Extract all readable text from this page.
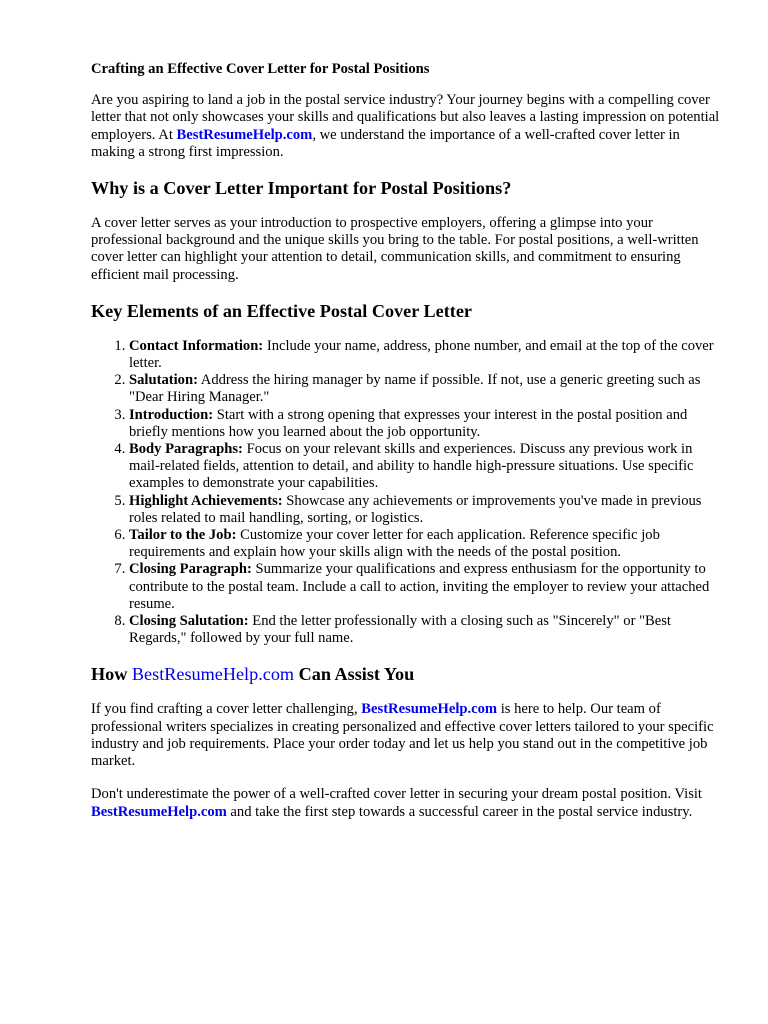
Crafting an Effective Cover Letter for Postal Positions

Are you aspiring to land a job in the postal service industry? Your journey begins with a compelling cover letter that not only showcases your skills and qualifications but also leaves a lasting impression on potential employers. At BestResumeHelp.com, we understand the importance of a well-crafted cover letter in making a strong first impression.

Why is a Cover Letter Important for Postal Positions?

A cover letter serves as your introduction to prospective employers, offering a glimpse into your professional background and the unique skills you bring to the table. For postal positions, a well-written cover letter can highlight your attention to detail, communication skills, and commitment to ensuring efficient mail processing.

Key Elements of an Effective Postal Cover Letter
1. Contact Information: Include your name, address, phone number, and email at the top of the cover letter.
2. Salutation: Address the hiring manager by name if possible. If not, use a generic greeting such as "Dear Hiring Manager."
3. Introduction: Start with a strong opening that expresses your interest in the postal position and briefly mentions how you learned about the job opportunity.
4. Body Paragraphs: Focus on your relevant skills and experiences. Discuss any previous work in mail-related fields, attention to detail, and ability to handle high-pressure situations. Use specific examples to demonstrate your capabilities.
5. Highlight Achievements: Showcase any achievements or improvements you've made in previous roles related to mail handling, sorting, or logistics.
6. Tailor to the Job: Customize your cover letter for each application. Reference specific job requirements and explain how your skills align with the needs of the postal position.
7. Closing Paragraph: Summarize your qualifications and express enthusiasm for the opportunity to contribute to the postal team. Include a call to action, inviting the employer to review your attached resume.
8. Closing Salutation: End the letter professionally with a closing such as "Sincerely" or "Best Regards," followed by your full name.
How BestResumeHelp.com Can Assist You

If you find crafting a cover letter challenging, BestResumeHelp.com is here to help. Our team of professional writers specializes in creating personalized and effective cover letters tailored to your specific industry and job requirements. Place your order today and let us help you stand out in the competitive job market.

Don't underestimate the power of a well-crafted cover letter in securing your dream postal position. Visit BestResumeHelp.com and take the first step towards a successful career in the postal service industry.
